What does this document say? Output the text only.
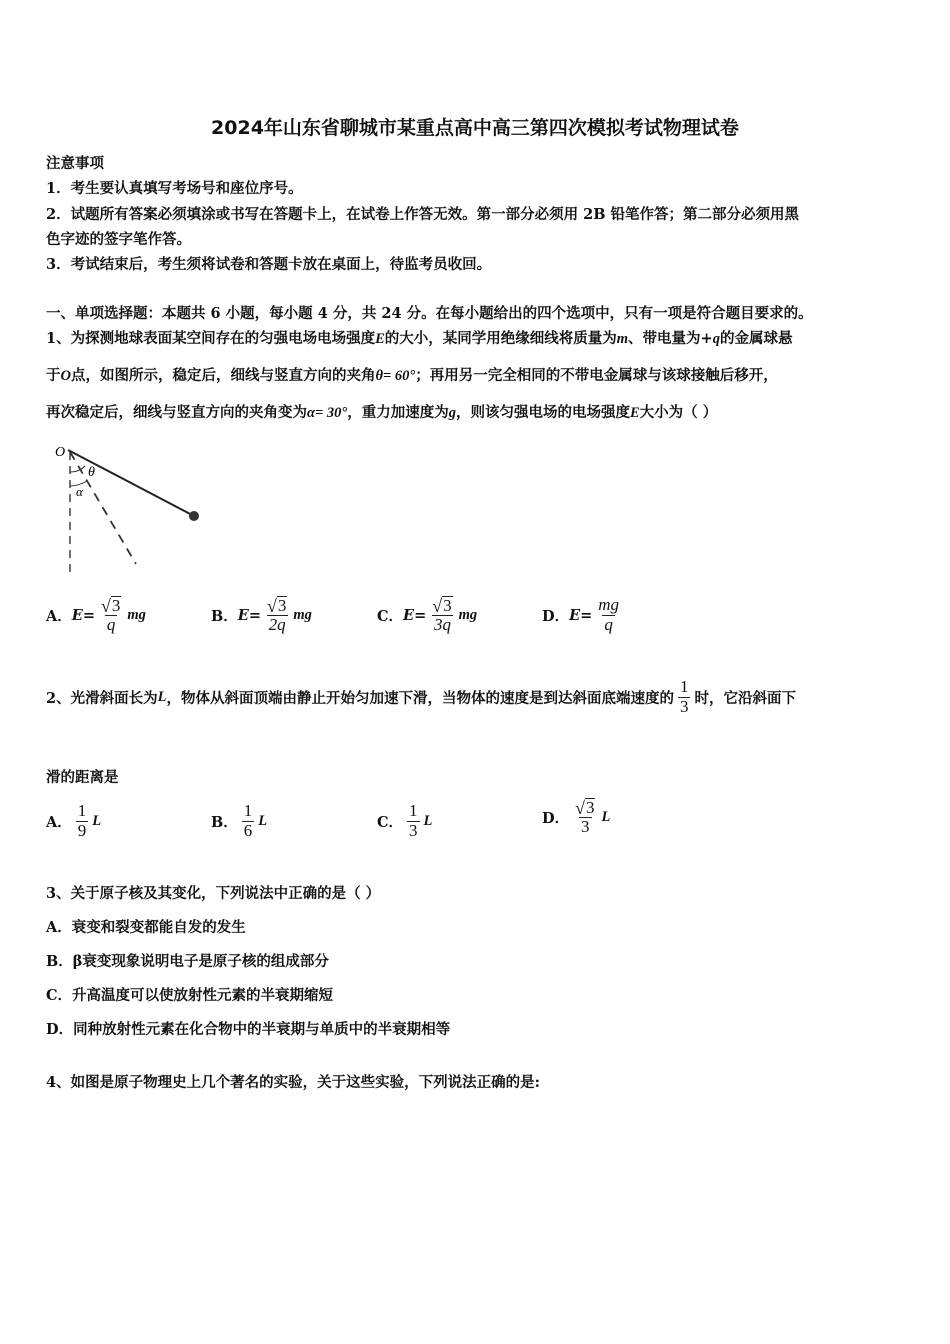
2024年山东省聊城市某重点高中高三第四次模拟考试物理试卷
注意事项
1．考生要认真填写考场号和座位序号。
2．试题所有答案必须填涂或书写在答题卡上，在试卷上作答无效。第一部分必须用 2B 铅笔作答；第二部分必须用黑
色字迹的签字笔作答。
3．考试结束后，考生须将试卷和答题卡放在桌面上，待监考员收回。
一、单项选择题：本题共 6 小题，每小题 4 分，共 24 分。在每小题给出的四个选项中，只有一项是符合题目要求的。
1、为探测地球表面某空间存在的匀强电场电场强度E的大小，某同学用绝缘细线将质量为m、带电量为+q的金属球悬
于O点，如图所示，稳定后，细线与竖直方向的夹角θ= 60°；再用另一完全相同的不带电金属球与该球接触后移开，
再次稳定后，细线与竖直方向的夹角变为α= 30°，重力加速度为g，则该匀强电场的电场强度E大小为（ ）
O
θ
α
A． $E= \frac{√ 3}{q}$ mg	B． $E= \frac{√ 3}{2q}$ mg	C． $E= \frac{√ 3}{3q}$ mg	D． $E= \frac{mg}{q}$
2、光滑斜面长为 L ，物体从斜面顶端由静止开始匀加速下滑，当物体的速度是到达斜面底端速度的 $\frac{1}{3}$ 时，它沿斜面下
滑的距离是
A． $\frac{1}{9}$ L	B． $\frac{1}{6}$ L	C． $\frac{1}{3}$ L	D． $\frac{√ 3}{3}$ L
3、关于原子核及其变化，下列说法中正确的是（ ）
A．衰变和裂变都能自发的发生
B．β衰变现象说明电子是原子核的组成部分
C．升高温度可以使放射性元素的半衰期缩短
D．同种放射性元素在化合物中的半衰期与单质中的半衰期相等
4、如图是原子物理史上几个著名的实验，关于这些实验，下列说法正确的是:
